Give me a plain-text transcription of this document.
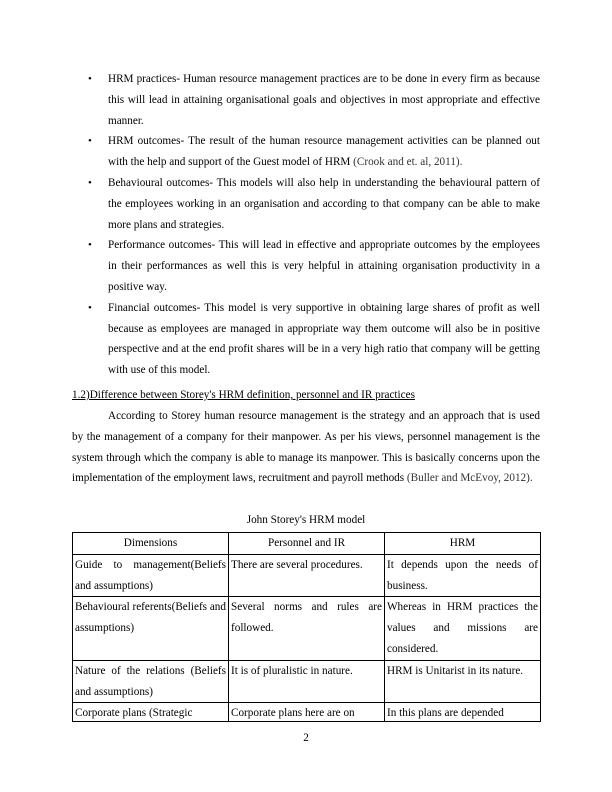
• HRM practices- Human resource management practices are to be done in every firm as because this will lead in attaining organisational goals and objectives in most appropriate and effective manner.
• HRM outcomes- The result of the human resource management activities can be planned out with the help and support of the Guest model of HRM (Crook and et. al, 2011).
• Behavioural outcomes- This models will also help in understanding the behavioural pattern of the employees working in an organisation and according to that company can be able to make more plans and strategies.
• Performance outcomes- This will lead in effective and appropriate outcomes by the employees in their performances as well this is very helpful in attaining organisation productivity in a positive way.
• Financial outcomes- This model is very supportive in obtaining large shares of profit as well because as employees are managed in appropriate way them outcome will also be in positive perspective and at the end profit shares will be in a very high ratio that company will be getting with use of this model.
1.2)Difference between Storey's HRM definition, personnel and IR practices

According to Storey human resource management is the strategy and an approach that is used by the management of a company for their manpower. As per his views, personnel management is the system through which the company is able to manage its manpower. This is basically concerns upon the implementation of the employment laws, recruitment and payroll methods (Buller and McEvoy, 2012).

John Storey's HRM model
Dimensions	Personnel and IR	HRM
Guide to management(Beliefs and assumptions)	There are several procedures.	It depends upon the needs of business.
Behavioural referents(Beliefs and assumptions)	Several norms and rules are followed.	Whereas in HRM practices the values and missions are considered.
Nature of the relations (Beliefs and assumptions)	It is of pluralistic in nature.	HRM is Unitarist in its nature.

Corporate plans (Strategic	Corporate plans here are on	In this plans are depended
2
